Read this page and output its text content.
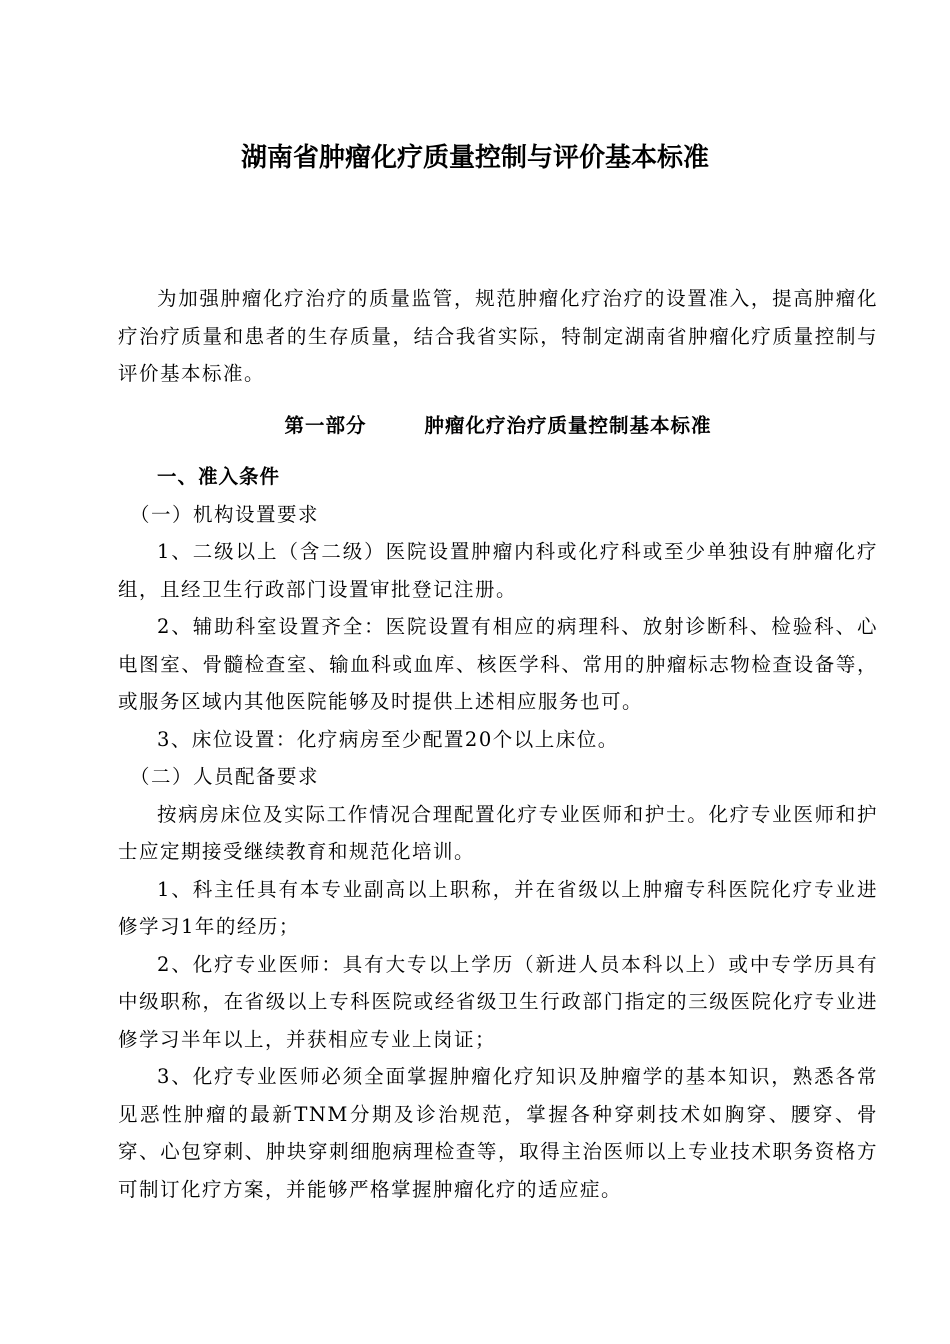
湖南省肿瘤化疗质量控制与评价基本标准

为加强肿瘤化疗治疗的质量监管，规范肿瘤化疗治疗的设置准入，提高肿瘤化疗治疗质量和患者的生存质量，结合我省实际，特制定湖南省肿瘤化疗质量控制与评价基本标准。

第一部分	肿瘤化疗治疗质量控制基本标准

一、准入条件

（一）机构设置要求

1、二级以上（含二级）医院设置肿瘤内科或化疗科或至少单独设有肿瘤化疗组，且经卫生行政部门设置审批登记注册。

2、辅助科室设置齐全：医院设置有相应的病理科、放射诊断科、检验科、心电图室、骨髓检查室、输血科或血库、核医学科、常用的肿瘤标志物检查设备等，或服务区域内其他医院能够及时提供上述相应服务也可。

3、床位设置：化疗病房至少配置20个以上床位。

（二）人员配备要求

按病房床位及实际工作情况合理配置化疗专业医师和护士。化疗专业医师和护士应定期接受继续教育和规范化培训。

1、科主任具有本专业副高以上职称，并在省级以上肿瘤专科医院化疗专业进修学习1年的经历；

2、化疗专业医师：具有大专以上学历（新进人员本科以上）或中专学历具有中级职称，在省级以上专科医院或经省级卫生行政部门指定的三级医院化疗专业进修学习半年以上，并获相应专业上岗证；

3、化疗专业医师必须全面掌握肿瘤化疗知识及肿瘤学的基本知识，熟悉各常见恶性肿瘤的最新TNM分期及诊治规范，掌握各种穿刺技术如胸穿、腰穿、骨穿、心包穿刺、肿块穿刺细胞病理检查等，取得主治医师以上专业技术职务资格方可制订化疗方案，并能够严格掌握肿瘤化疗的适应症。
